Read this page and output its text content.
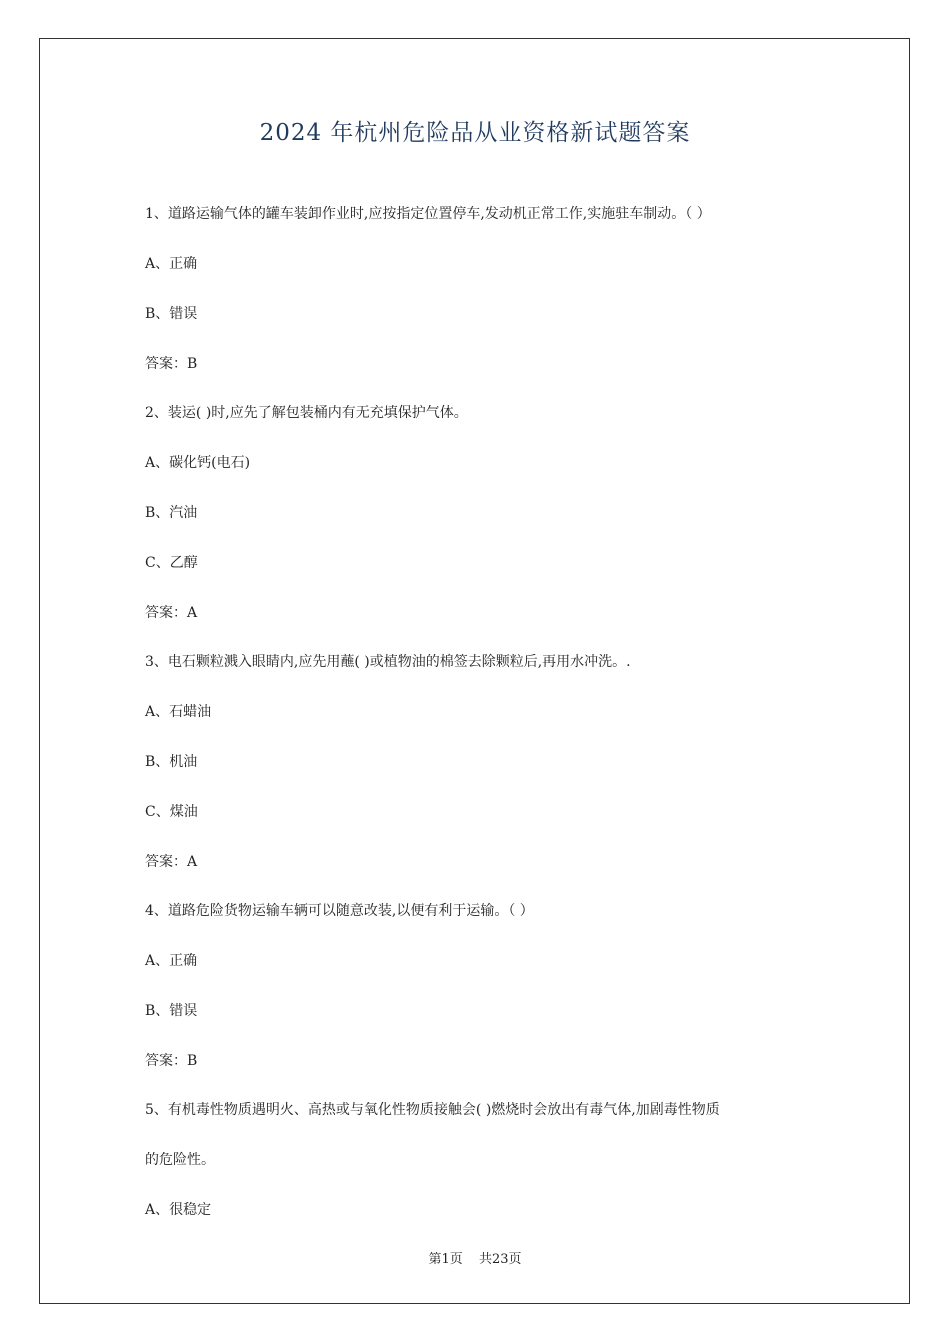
2024 年杭州危险品从业资格新试题答案
1、道路运输气体的罐车装卸作业时,应按指定位置停车,发动机正常工作,实施驻车制动。（ ）
A、正确
B、错误
答案：B
2、装运( )时,应先了解包装桶内有无充填保护气体。
A、碳化钙(电石)
B、汽油
C、乙醇
答案：A
3、电石颗粒溅入眼睛内,应先用蘸( )或植物油的棉签去除颗粒后,再用水冲洗。.
A、石蜡油
B、机油
C、煤油
答案：A
4、道路危险货物运输车辆可以随意改装,以便有利于运输。（ ）
A、正确
B、错误
答案：B
5、有机毒性物质遇明火、高热或与氧化性物质接触会( )燃烧时会放出有毒气体,加剧毒性物质
的危险性。
A、很稳定
第1页 共23页
